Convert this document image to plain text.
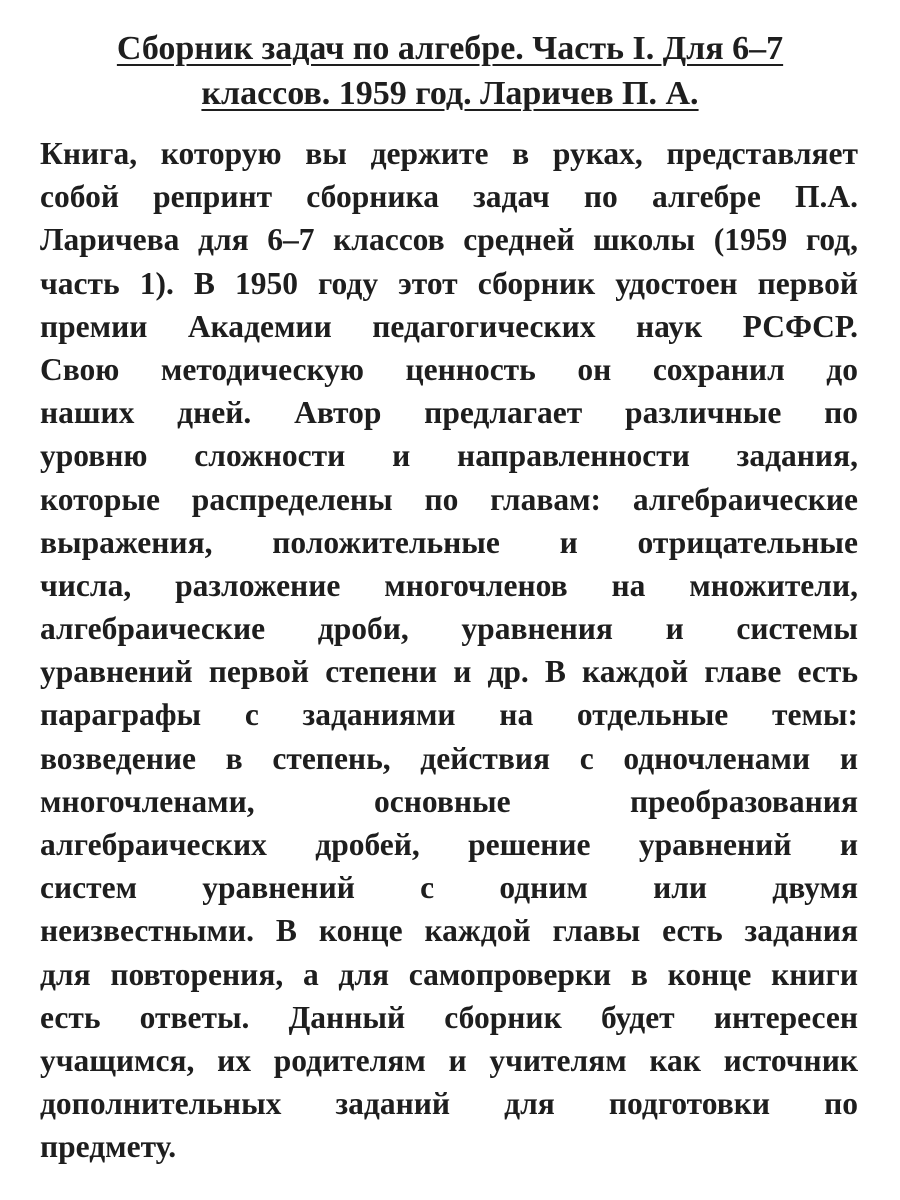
Сборник задач по алгебре. Часть I. Для 6–7
классов. 1959 год. Ларичев П. А.
Книга, которую вы держите в руках, представляет
собой репринт сборника задач по алгебре П.А.
Ларичева для 6–7 классов средней школы (1959 год,
часть 1). В 1950 году этот сборник удостоен первой
премии Академии педагогических наук РСФСР.
Свою методическую ценность он сохранил до
наших дней. Автор предлагает различные по
уровню сложности и направленности задания,
которые распределены по главам: алгебраические
выражения, положительные и отрицательные
числа, разложение многочленов на множители,
алгебраические дроби, уравнения и системы
уравнений первой степени и др. В каждой главе есть
параграфы с заданиями на отдельные темы:
возведение в степень, действия с одночленами и
многочленами, основные преобразования
алгебраических дробей, решение уравнений и
систем уравнений с одним или двумя
неизвестными. В конце каждой главы есть задания
для повторения, а для самопроверки в конце книги
есть ответы. Данный сборник будет интересен
учащимся, их родителям и учителям как источник
дополнительных заданий для подготовки по
предмету.
